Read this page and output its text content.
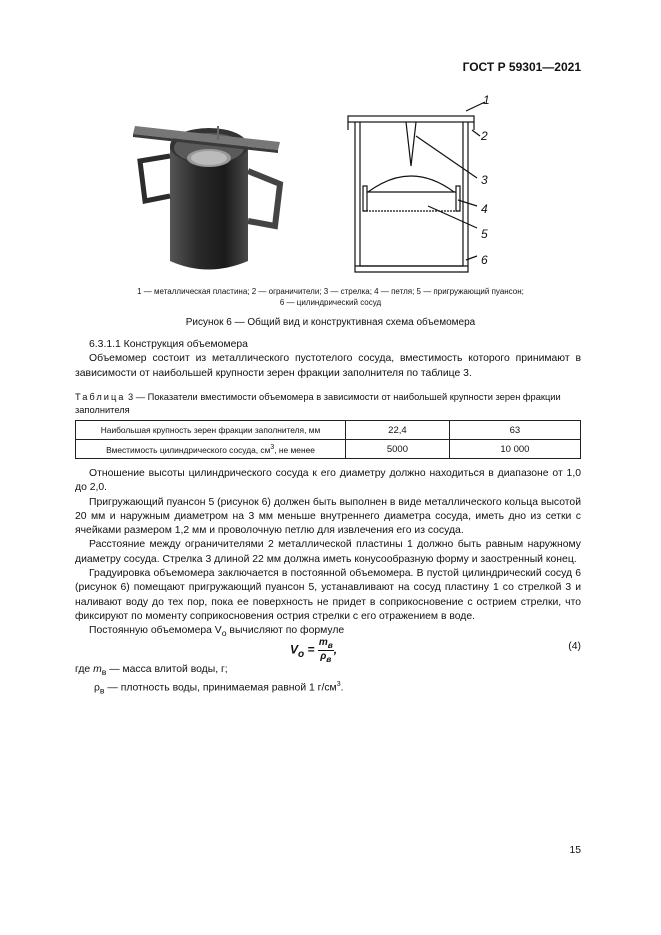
ГОСТ Р 59301—2021
1
2
3
4
5
6
1 — металлическая пластина; 2 — ограничители; 3 — стрелка; 4 — петля; 5 — пригружающий пуансон;
6 — цилиндрический сосуд
Рисунок 6 — Общий вид и конструктивная схема объемомера

6.3.1.1 Конструкция объемомера

Объемомер состоит из металлического пустотелого сосуда, вместимость которого принимают в зависимости от наибольшей крупности зерен фракции заполнителя по таблице 3.

Таблица 3 — Показатели вместимости объемомера в зависимости от наибольшей крупности зерен фракции заполнителя
Наибольшая крупность зерен фракции заполнителя, мм	22,4	63
Вместимость цилиндрического сосуда, $см^3$, не менее	5000	10 000

Отношение высоты цилиндрического сосуда к его диаметру должно находиться в диапазоне от 1,0 до 2,0.

Пригружающий пуансон 5 (рисунок 6) должен быть выполнен в виде металлического кольца высотой 20 мм и наружным диаметром на 3 мм меньше внутреннего диаметра сосуда, иметь дно из сетки с ячейками размером 1,2 мм и проволочную петлю для извлечения его из сосуда.

Расстояние между ограничителями 2 металлической пластины 1 должно быть равным наружному диаметру сосуда. Стрелка 3 длиной 22 мм должна иметь конусообразную форму и заостренный конец.

Градуировка объемомера заключается в постоянной объемомера. В пустой цилиндрический сосуд 6 (рисунок 6) помещают пригружающий пуансон 5, устанавливают на сосуд пластину 1 со стрелкой 3 и наливают воду до тех пор, пока ее поверхность не придет в соприкосновение с острием стрелки, что фиксируют по моменту соприкосновения острия стрелки с его отражением в воде.

Постоянную объемомера $V_о$ вычисляют по формуле

$V_о$ =
$m_в$
$\rho_в$
,	(4)
где $m_в$ — масса влитой воды, г;
$\rho_в$ — плотность воды, принимаемая равной 1 $г/см^3$.
15
